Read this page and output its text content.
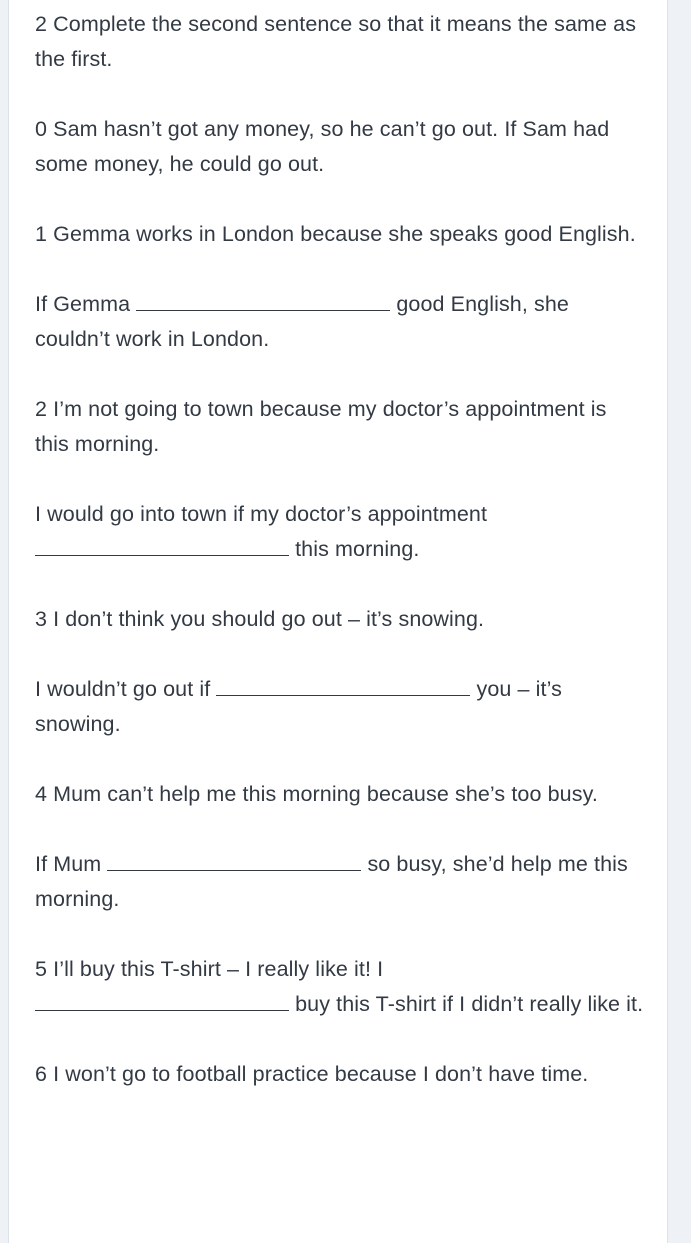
2 Complete the second sentence so that it means the same as the first.

0 Sam hasn’t got any money, so he can’t go out. If Sam had some money, he could go out.

1 Gemma works in London because she speaks good English.

If Gemma	good English, she couldn’t work in London.

2 I’m not going to town because my doctor’s appointment is this morning.

I would go into town if my doctor’s appointment
this morning.

3 I don’t think you should go out – it’s snowing.

I wouldn’t go out if	you – it’s snowing.

4 Mum can’t help me this morning because she’s too busy.

If Mum	so busy, she’d help me this morning.

5 I’ll buy this T-shirt – I really like it! I
buy this T-shirt if I didn’t really like it.

6 I won’t go to football practice because I don’t have time.
